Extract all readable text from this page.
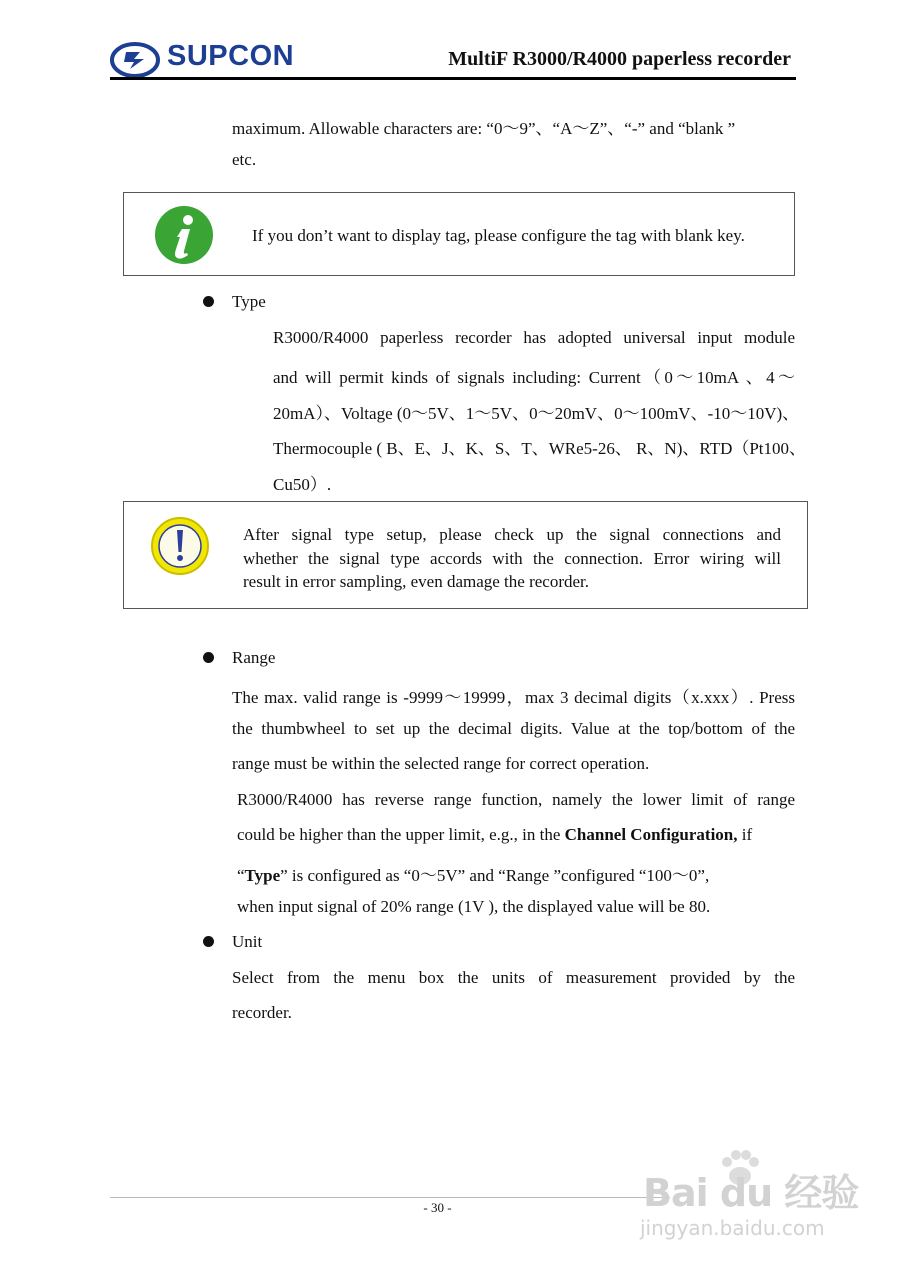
SUPCON	MultiF R3000/R4000 paperless recorder
maximum. Allowable characters are: “0～9”、“A～Z”、“-” and “blank ”
etc.
If you don’t want to display tag, please configure the tag with blank key.
Type
R3000/R4000 paperless recorder has adopted universal input module
and will permit kinds of signals including: Current（0～10mA 、4～
20mA）、Voltage (0～5V、1～5V、0～20mV、0～100mV、-10～10V)、
Thermocouple ( B、E、J、K、S、T、WRe5-26、 R、N)、RTD（Pt100、
Cu50）.
After signal type setup, please check up the signal connections and
whether the signal type accords with the connection. Error wiring will
result in error sampling, even damage the recorder.
Range
The max. valid range is -9999～19999，max 3 decimal digits（x.xxx）. Press
the thumbwheel to set up the decimal digits. Value at the top/bottom of the
range must be within the selected range for correct operation.
R3000/R4000 has reverse range function, namely the lower limit of range
could be higher than the upper limit, e.g., in the Channel Configuration, if
“Type” is configured as “0～5V” and “Range ”configured “100～0”,
when input signal of 20% range (1V ), the displayed value will be 80.
Unit
Select from the menu box the units of measurement provided by the
recorder.
- 30 -	Bai du 经验
jingyan.baidu.com
